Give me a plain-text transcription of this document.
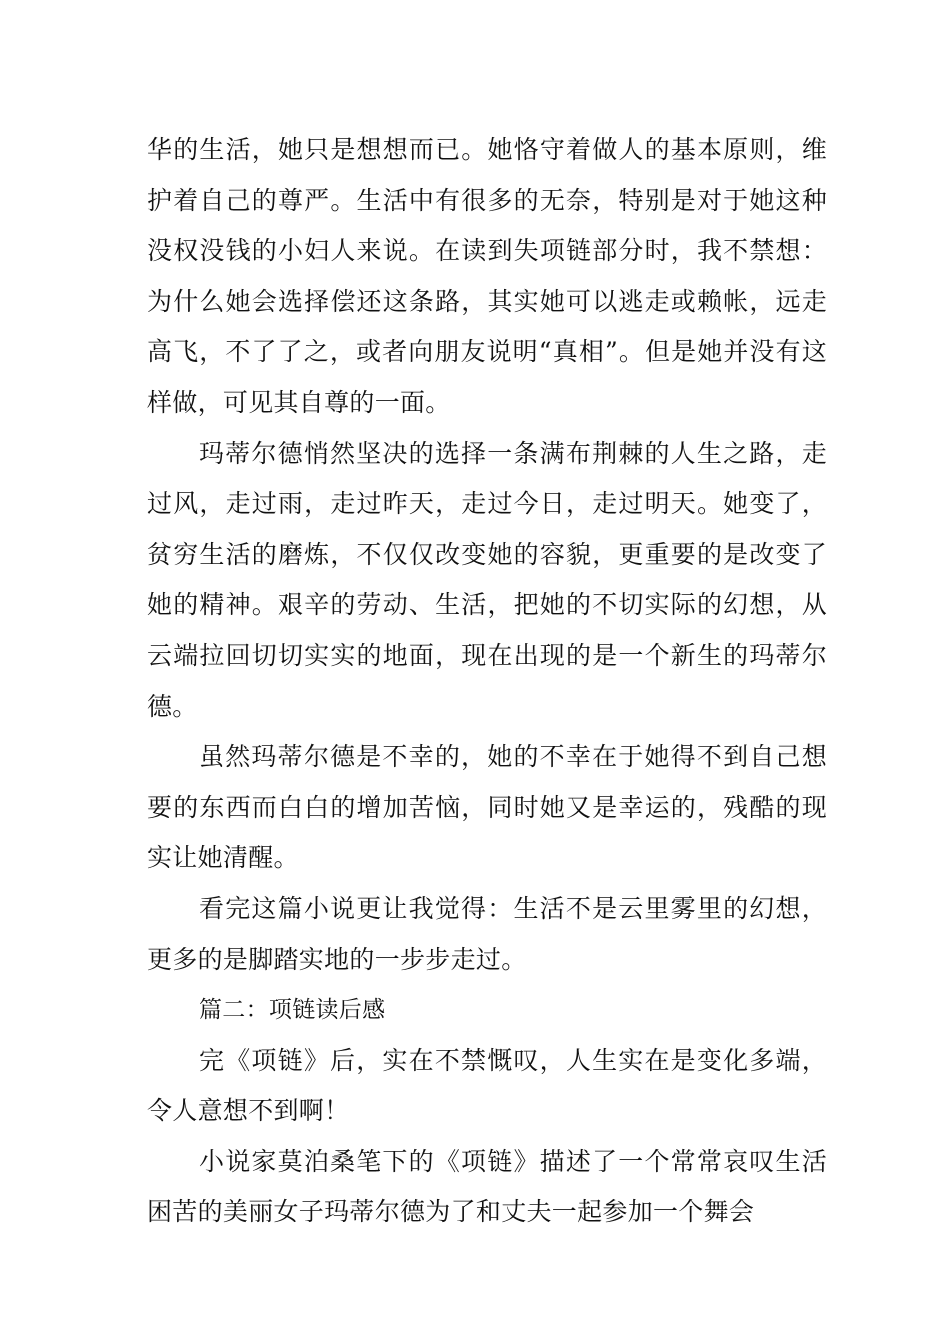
华的生活，她只是想想而已。她恪守着做人的基本原则，维护着自己的尊严。生活中有很多的无奈，特别是对于她这种没权没钱的小妇人来说。在读到失项链部分时，我不禁想：为什么她会选择偿还这条路，其实她可以逃走或赖帐，远走高飞，不了了之，或者向朋友说明“真相”。但是她并没有这样做，可见其自尊的一面。

玛蒂尔德悄然坚决的选择一条满布荆棘的人生之路，走过风，走过雨，走过昨天，走过今日，走过明天。她变了，贫穷生活的磨炼，不仅仅改变她的容貌，更重要的是改变了她的精神。艰辛的劳动、生活，把她的不切实际的幻想，从云端拉回切切实实的地面，现在出现的是一个新生的玛蒂尔德。

虽然玛蒂尔德是不幸的，她的不幸在于她得不到自己想要的东西而白白的增加苦恼，同时她又是幸运的，残酷的现实让她清醒。

看完这篇小说更让我觉得：生活不是云里雾里的幻想，更多的是脚踏实地的一步步走过。

篇二：项链读后感

完《项链》后，实在不禁慨叹，人生实在是变化多端，令人意想不到啊！

小说家莫泊桑笔下的《项链》描述了一个常常哀叹生活困苦的美丽女子玛蒂尔德为了和丈夫一起参加一个舞会
